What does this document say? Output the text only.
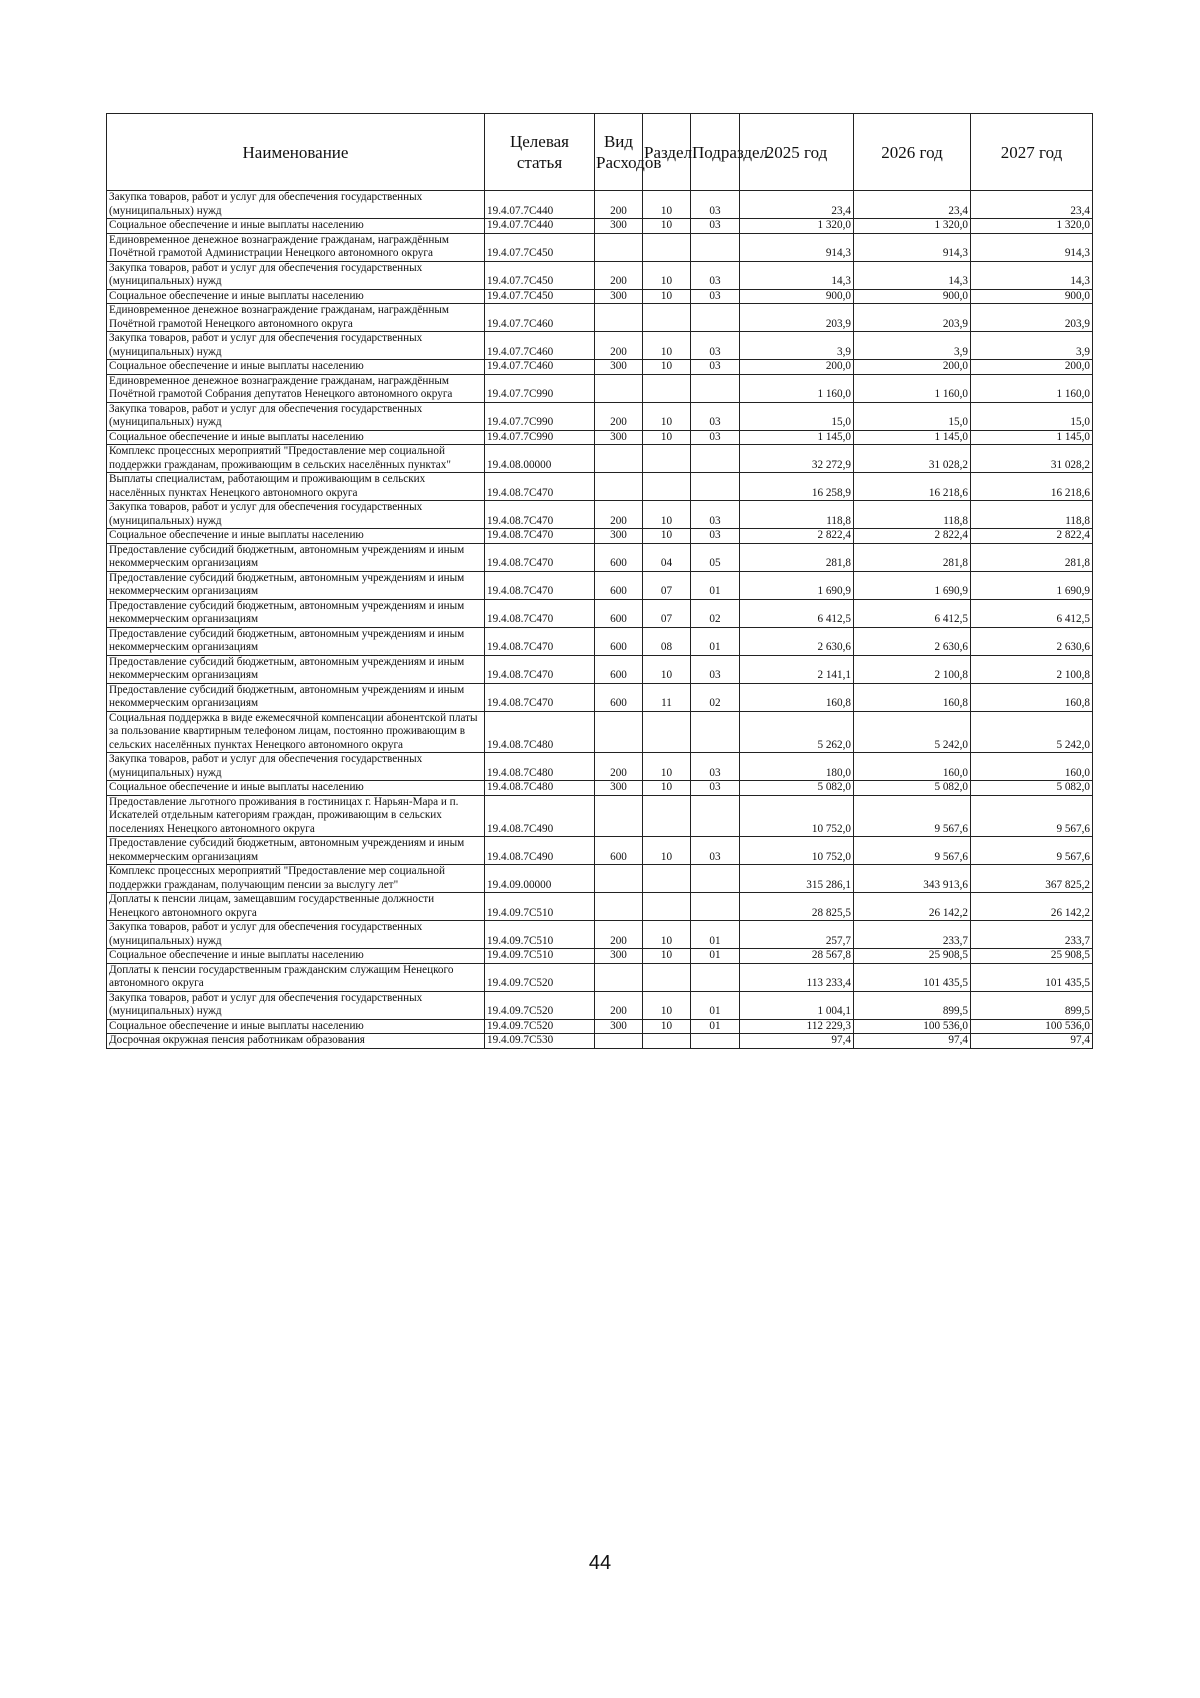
Наименование	Целевая статья	Вид Расходов	Раздел	Подраздел	2025 год	2026 год	2027 год
Закупка товаров, работ и услуг для обеспечения государственных (муниципальных) нужд	19.4.07.7C440	200	10	03	23,4	23,4	23,4
Социальное обеспечение и иные выплаты населению	19.4.07.7C440	300	10	03	1 320,0	1 320,0	1 320,0
Единовременное денежное вознаграждение гражданам, награждённым Почётной грамотой Администрации Ненецкого автономного округа	19.4.07.7C450				914,3	914,3	914,3
Закупка товаров, работ и услуг для обеспечения государственных (муниципальных) нужд	19.4.07.7C450	200	10	03	14,3	14,3	14,3
Социальное обеспечение и иные выплаты населению	19.4.07.7C450	300	10	03	900,0	900,0	900,0
Единовременное денежное вознаграждение гражданам, награждённым Почётной грамотой Ненецкого автономного округа	19.4.07.7C460				203,9	203,9	203,9
Закупка товаров, работ и услуг для обеспечения государственных (муниципальных) нужд	19.4.07.7C460	200	10	03	3,9	3,9	3,9
Социальное обеспечение и иные выплаты населению	19.4.07.7C460	300	10	03	200,0	200,0	200,0
Единовременное денежное вознаграждение гражданам, награждённым Почётной грамотой Собрания депутатов Ненецкого автономного округа	19.4.07.7C990				1 160,0	1 160,0	1 160,0
Закупка товаров, работ и услуг для обеспечения государственных (муниципальных) нужд	19.4.07.7C990	200	10	03	15,0	15,0	15,0
Социальное обеспечение и иные выплаты населению	19.4.07.7C990	300	10	03	1 145,0	1 145,0	1 145,0
Комплекс процессных мероприятий "Предоставление мер социальной поддержки гражданам, проживающим в сельских населённых пунктах"	19.4.08.00000				32 272,9	31 028,2	31 028,2
Выплаты специалистам, работающим и проживающим в сельских населённых пунктах Ненецкого автономного округа	19.4.08.7C470				16 258,9	16 218,6	16 218,6
Закупка товаров, работ и услуг для обеспечения государственных (муниципальных) нужд	19.4.08.7C470	200	10	03	118,8	118,8	118,8
Социальное обеспечение и иные выплаты населению	19.4.08.7C470	300	10	03	2 822,4	2 822,4	2 822,4
Предоставление субсидий бюджетным, автономным учреждениям и иным некоммерческим организациям	19.4.08.7C470	600	04	05	281,8	281,8	281,8
Предоставление субсидий бюджетным, автономным учреждениям и иным некоммерческим организациям	19.4.08.7C470	600	07	01	1 690,9	1 690,9	1 690,9
Предоставление субсидий бюджетным, автономным учреждениям и иным некоммерческим организациям	19.4.08.7C470	600	07	02	6 412,5	6 412,5	6 412,5
Предоставление субсидий бюджетным, автономным учреждениям и иным некоммерческим организациям	19.4.08.7C470	600	08	01	2 630,6	2 630,6	2 630,6
Предоставление субсидий бюджетным, автономным учреждениям и иным некоммерческим организациям	19.4.08.7C470	600	10	03	2 141,1	2 100,8	2 100,8
Предоставление субсидий бюджетным, автономным учреждениям и иным некоммерческим организациям	19.4.08.7C470	600	11	02	160,8	160,8	160,8
Социальная поддержка в виде ежемесячной компенсации абонентской платы за пользование квартирным телефоном лицам, постоянно проживающим в сельских населённых пунктах Ненецкого автономного округа	19.4.08.7C480				5 262,0	5 242,0	5 242,0
Закупка товаров, работ и услуг для обеспечения государственных (муниципальных) нужд	19.4.08.7C480	200	10	03	180,0	160,0	160,0
Социальное обеспечение и иные выплаты населению	19.4.08.7C480	300	10	03	5 082,0	5 082,0	5 082,0
Предоставление льготного проживания в гостиницах г. Нарьян-Мара и п. Искателей отдельным категориям граждан, проживающим в сельских поселениях Ненецкого автономного округа	19.4.08.7C490				10 752,0	9 567,6	9 567,6
Предоставление субсидий бюджетным, автономным учреждениям и иным некоммерческим организациям	19.4.08.7C490	600	10	03	10 752,0	9 567,6	9 567,6
Комплекс процессных мероприятий "Предоставление мер социальной поддержки гражданам, получающим пенсии за выслугу лет"	19.4.09.00000				315 286,1	343 913,6	367 825,2
Доплаты к пенсии лицам, замещавшим государственные должности Ненецкого автономного округа	19.4.09.7C510				28 825,5	26 142,2	26 142,2
Закупка товаров, работ и услуг для обеспечения государственных (муниципальных) нужд	19.4.09.7C510	200	10	01	257,7	233,7	233,7
Социальное обеспечение и иные выплаты населению	19.4.09.7C510	300	10	01	28 567,8	25 908,5	25 908,5
Доплаты к пенсии государственным гражданским служащим Ненецкого автономного округа	19.4.09.7C520				113 233,4	101 435,5	101 435,5
Закупка товаров, работ и услуг для обеспечения государственных (муниципальных) нужд	19.4.09.7C520	200	10	01	1 004,1	899,5	899,5
Социальное обеспечение и иные выплаты населению	19.4.09.7C520	300	10	01	112 229,3	100 536,0	100 536,0
Досрочная окружная пенсия работникам образования	19.4.09.7C530				97,4	97,4	97,4
44
